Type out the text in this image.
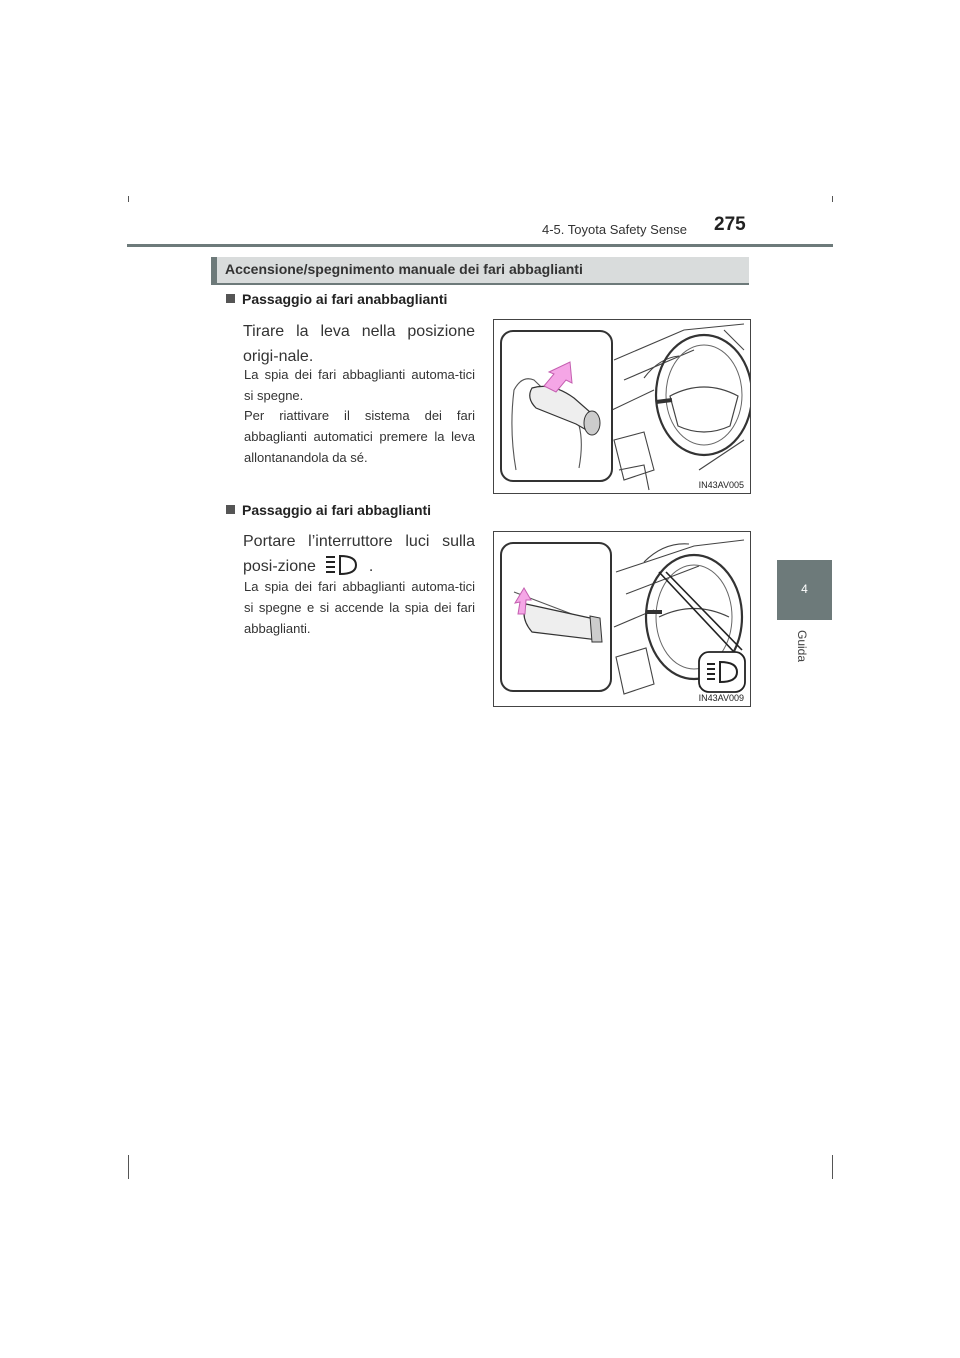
4-5. Toyota Safety Sense 275
4
Guida
Accensione/spegnimento manuale dei fari abbaglianti
Passaggio ai fari anabbaglianti
Tirare la leva nella posizione origi-nale.
La spia dei fari abbaglianti automa-tici si spegne.
Per riattivare il sistema dei fari abbaglianti automatici premere la leva allontanandola da sé.
IN43AV005
Passaggio ai fari abbaglianti
Portare l’interruttore luci sulla posi-zione	.
La spia dei fari abbaglianti automa-tici si spegne e si accende la spia dei fari abbaglianti.
IN43AV009
